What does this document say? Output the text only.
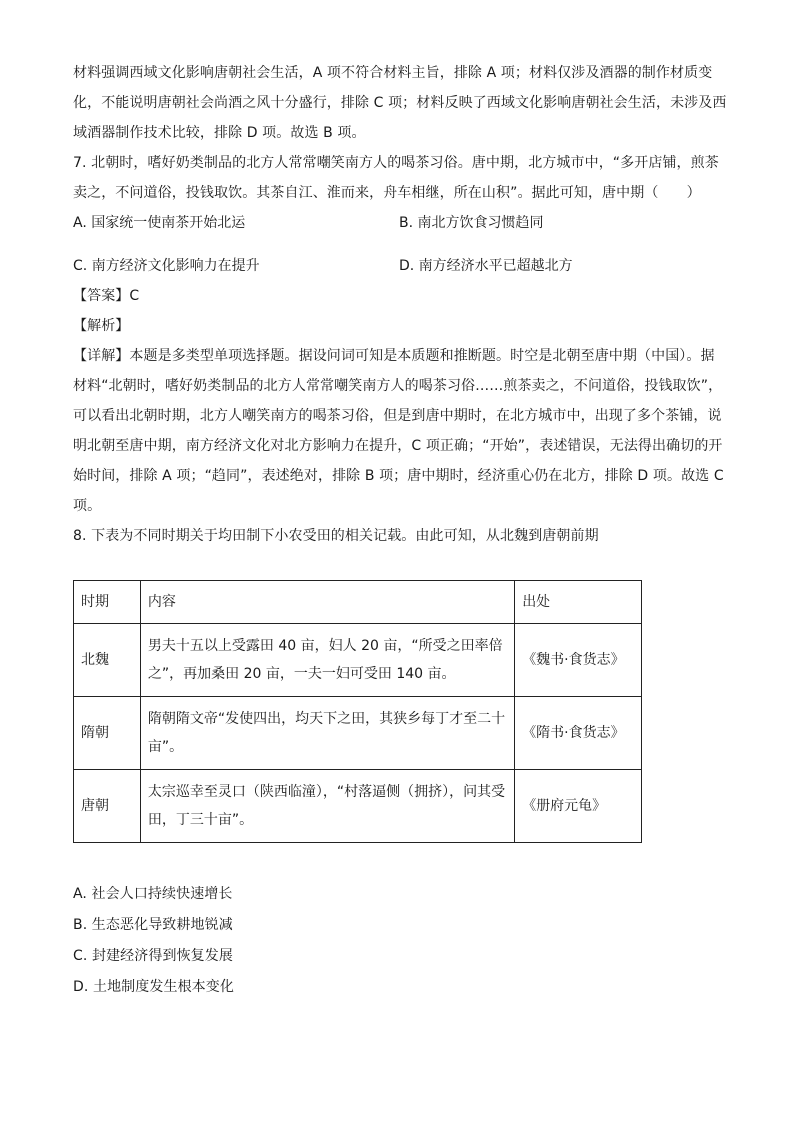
材料强调西域文化影响唐朝社会生活，A 项不符合材料主旨，排除 A 项；材料仅涉及酒器的制作材质变
化，不能说明唐朝社会尚酒之风十分盛行，排除 C 项；材料反映了西域文化影响唐朝社会生活，未涉及西
域酒器制作技术比较，排除 D 项。故选 B 项。
7. 北朝时，嗜好奶类制品的北方人常常嘲笑南方人的喝茶习俗。唐中期，北方城市中，“多开店铺，煎茶
卖之，不问道俗，投钱取饮。其茶自江、淮而来，舟车相继，所在山积”。据此可知，唐中期（　　）
A. 国家统一使南茶开始北运	B. 南北方饮食习惯趋同
C. 南方经济文化影响力在提升	D. 南方经济水平已超越北方
【答案】C
【解析】
【详解】本题是多类型单项选择题。据设问词可知是本质题和推断题。时空是北朝至唐中期（中国）。据
材料“北朝时，嗜好奶类制品的北方人常常嘲笑南方人的喝茶习俗……煎茶卖之，不问道俗，投钱取饮”，
可以看出北朝时期，北方人嘲笑南方的喝茶习俗，但是到唐中期时，在北方城市中，出现了多个茶铺，说
明北朝至唐中期，南方经济文化对北方影响力在提升，C 项正确；“开始”，表述错误，无法得出确切的开
始时间，排除 A 项；“趋同”，表述绝对，排除 B 项；唐中期时，经济重心仍在北方，排除 D 项。故选 C
项。
8. 下表为不同时期关于均田制下小农受田的相关记载。由此可知，从北魏到唐朝前期
时期	内容	出处
北魏	男夫十五以上受露田 40 亩，妇人 20 亩，“所受之田率倍之”，再加桑田 20 亩，一夫一妇可受田 140 亩。	《魏书·食货志》
隋朝	隋朝隋文帝“发使四出，均天下之田，其狭乡每丁才至二十亩”。	《隋书·食货志》
唐朝	太宗巡幸至灵口（陕西临潼），“村落逼侧（拥挤），问其受田，丁三十亩”。	《册府元龟》
A. 社会人口持续快速增长
B. 生态恶化导致耕地锐减
C. 封建经济得到恢复发展
D. 土地制度发生根本变化
